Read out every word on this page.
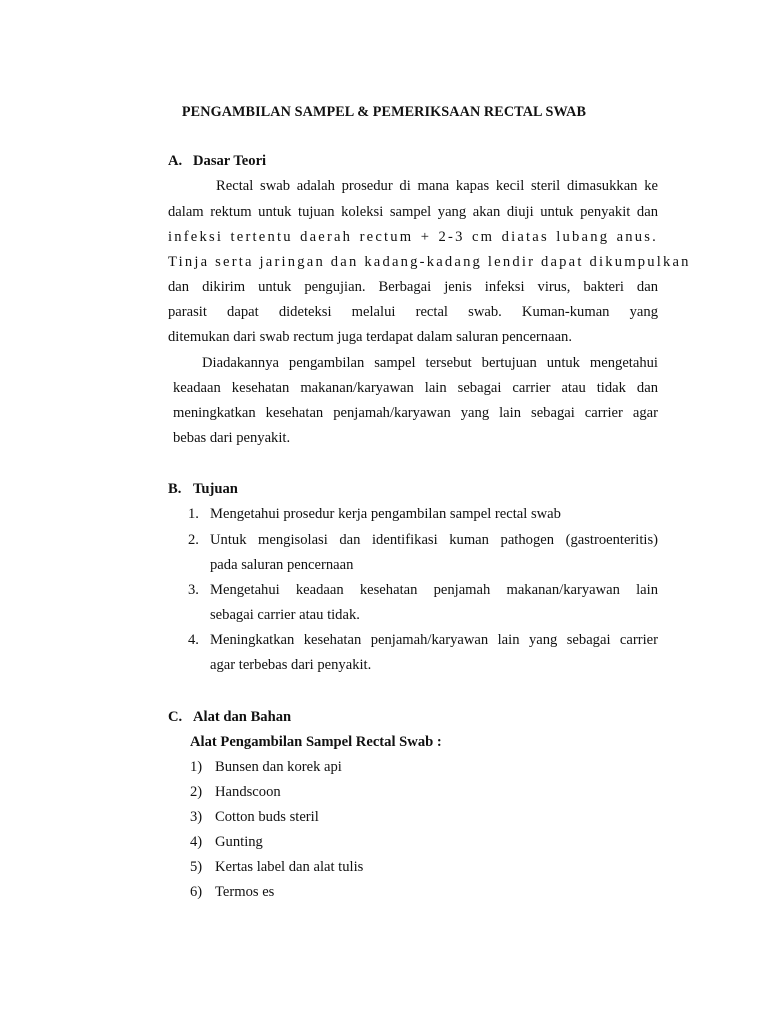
PENGAMBILAN SAMPEL & PEMERIKSAAN RECTAL SWAB
A. Dasar Teori
Rectal swab adalah prosedur di mana kapas kecil steril dimasukkan ke
dalam rektum untuk tujuan koleksi sampel yang akan diuji untuk penyakit dan
infeksi tertentu daerah rectum + 2-3 cm diatas lubang anus.
Tinja serta jaringan dan kadang-kadang lendir dapat dikumpulkan
dan dikirim untuk pengujian. Berbagai jenis infeksi virus, bakteri dan
parasit dapat dideteksi melalui rectal swab. Kuman-kuman yang
ditemukan dari swab rectum juga terdapat dalam saluran pencernaan.
Diadakannya pengambilan sampel tersebut bertujuan untuk mengetahui
keadaan kesehatan makanan/karyawan lain sebagai carrier atau tidak dan
meningkatkan kesehatan penjamah/karyawan yang lain sebagai carrier agar
bebas dari penyakit.
B. Tujuan
1. Mengetahui prosedur kerja pengambilan sampel rectal swab
2. Untuk mengisolasi dan identifikasi kuman pathogen (gastroenteritis)
pada saluran pencernaan
3. Mengetahui keadaan kesehatan penjamah makanan/karyawan lain
sebagai carrier atau tidak.
4. Meningkatkan kesehatan penjamah/karyawan lain yang sebagai carrier
agar terbebas dari penyakit.
C. Alat dan Bahan
Alat Pengambilan Sampel Rectal Swab :
1) Bunsen dan korek api
2) Handscoon
3) Cotton buds steril
4) Gunting
5) Kertas label dan alat tulis
6) Termos es
